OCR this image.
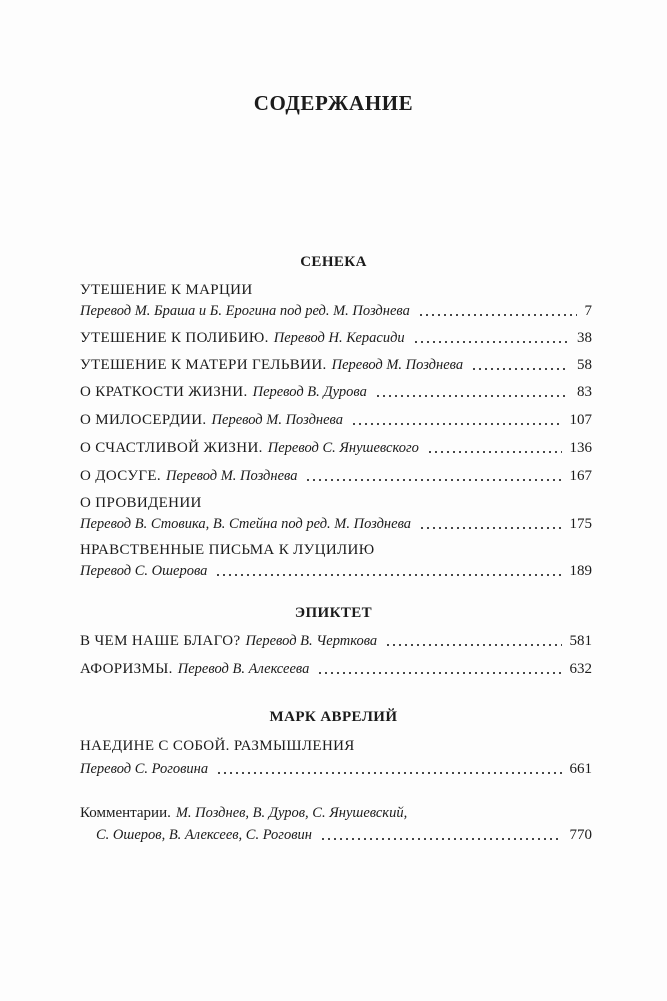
СОДЕРЖАНИЕ
СЕНЕКА
УТЕШЕНИЕ К МАРЦИИ
Перевод М. Браша и Б. Ерогина под ред. М. Позднева	7
УТЕШЕНИЕ К ПОЛИБИЮ. Перевод Н. Керасиди	38
УТЕШЕНИЕ К МАТЕРИ ГЕЛЬВИИ. Перевод М. Позднева	58
О КРАТКОСТИ ЖИЗНИ. Перевод В. Дурова	83
О МИЛОСЕРДИИ. Перевод М. Позднева	107
О СЧАСТЛИВОЙ ЖИЗНИ. Перевод С. Янушевского	136
О ДОСУГЕ. Перевод М. Позднева	167
О ПРОВИДЕНИИ
Перевод В. Стовика, В. Стейна под ред. М. Позднева	175
НРАВСТВЕННЫЕ ПИСЬМА К ЛУЦИЛИЮ
Перевод С. Ошерова	189
ЭПИКТЕТ
В ЧЕМ НАШЕ БЛАГО? Перевод В. Черткова	581
АФОРИЗМЫ. Перевод В. Алексеева	632
МАРК АВРЕЛИЙ
НАЕДИНЕ С СОБОЙ. РАЗМЫШЛЕНИЯ
Перевод С. Роговина	661
Комментарии. М. Позднев, В. Дуров, С. Янушевский,
С. Ошеров, В. Алексеев, С. Роговин	770
